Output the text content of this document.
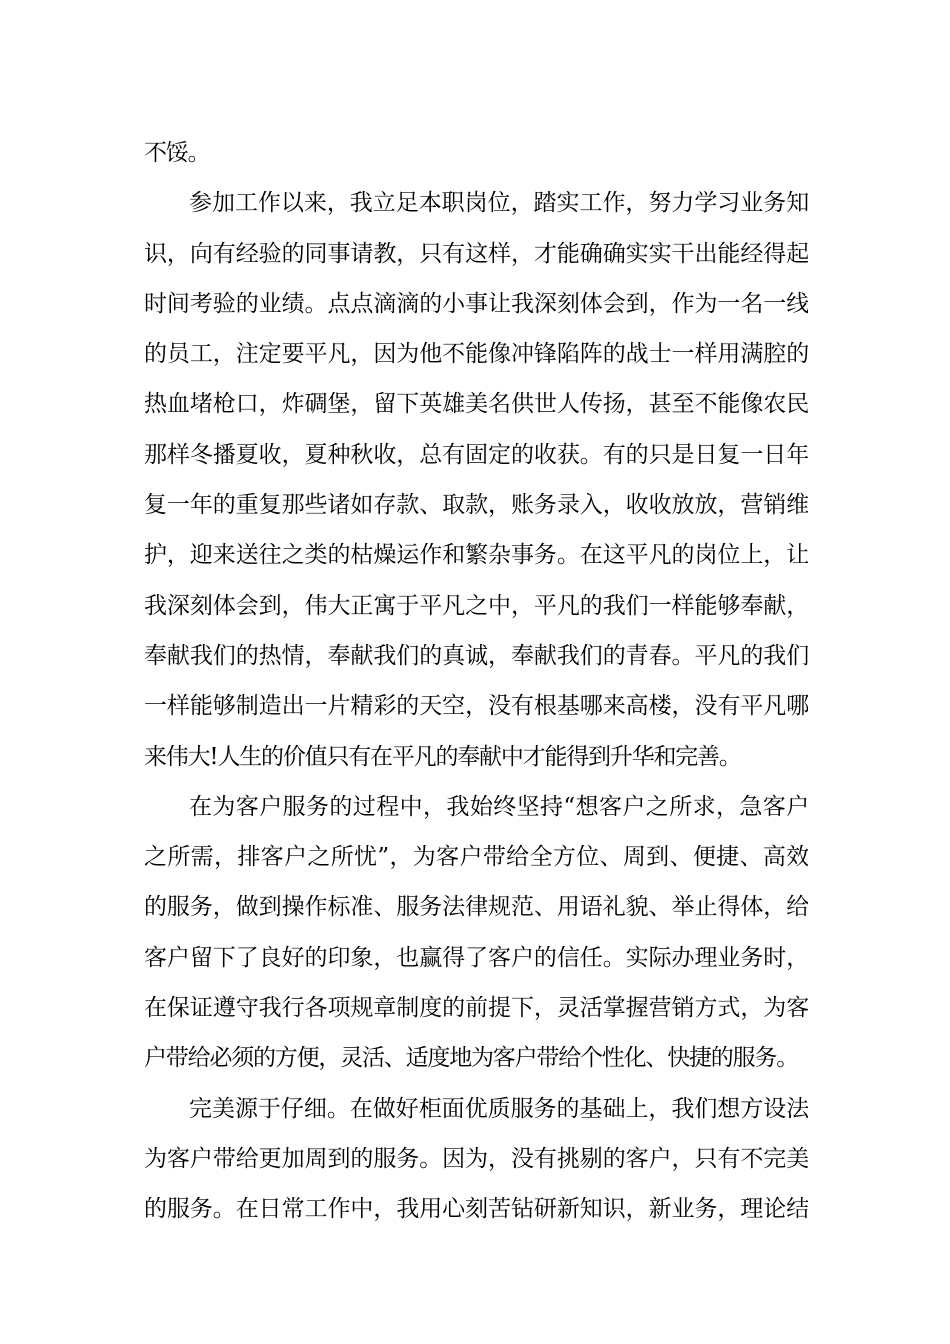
不馁。
参加工作以来，我立足本职岗位，踏实工作，努力学习业务知
识，向有经验的同事请教，只有这样，才能确确实实干出能经得起
时间考验的业绩。点点滴滴的小事让我深刻体会到，作为一名一线
的员工，注定要平凡，因为他不能像冲锋陷阵的战士一样用满腔的
热血堵枪口，炸碉堡，留下英雄美名供世人传扬，甚至不能像农民
那样冬播夏收，夏种秋收，总有固定的收获。有的只是日复一日年
复一年的重复那些诸如存款、取款，账务录入，收收放放，营销维
护，迎来送往之类的枯燥运作和繁杂事务。在这平凡的岗位上，让
我深刻体会到，伟大正寓于平凡之中，平凡的我们一样能够奉献，
奉献我们的热情，奉献我们的真诚，奉献我们的青春。平凡的我们
一样能够制造出一片精彩的天空，没有根基哪来高楼，没有平凡哪
来伟大!人生的价值只有在平凡的奉献中才能得到升华和完善。
在为客户服务的过程中，我始终坚持“想客户之所求，急客户
之所需，排客户之所忧”，为客户带给全方位、周到、便捷、高效
的服务，做到操作标准、服务法律规范、用语礼貌、举止得体，给
客户留下了良好的印象，也赢得了客户的信任。实际办理业务时，
在保证遵守我行各项规章制度的前提下，灵活掌握营销方式，为客
户带给必须的方便，灵活、适度地为客户带给个性化、快捷的服务。
完美源于仔细。在做好柜面优质服务的基础上，我们想方设法
为客户带给更加周到的服务。因为，没有挑剔的客户，只有不完美
的服务。在日常工作中，我用心刻苦钻研新知识，新业务，理论结
